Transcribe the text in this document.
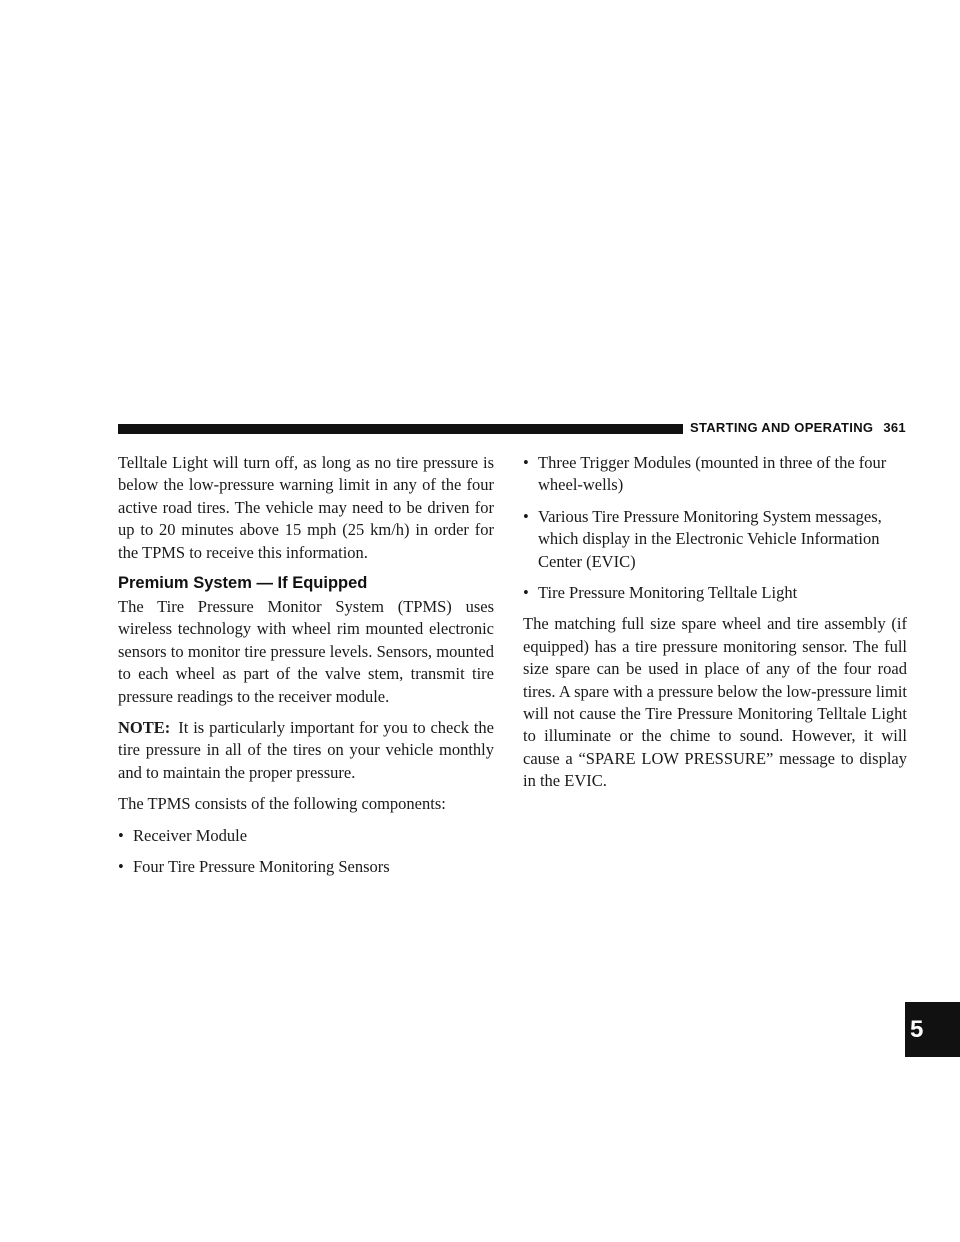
STARTING AND OPERATING 361

Telltale Light will turn off, as long as no tire pressure is below the low-pressure warning limit in any of the four active road tires. The vehicle may need to be driven for up to 20 minutes above 15 mph (25 km/h) in order for the TPMS to receive this information.

Premium System — If Equipped

The Tire Pressure Monitor System (TPMS) uses wireless technology with wheel rim mounted electronic sensors to monitor tire pressure levels. Sensors, mounted to each wheel as part of the valve stem, transmit tire pressure readings to the receiver module.

NOTE: It is particularly important for you to check the tire pressure in all of the tires on your vehicle monthly and to maintain the proper pressure.

The TPMS consists of the following components:

• Receiver Module
• Four Tire Pressure Monitoring Sensors
• Three Trigger Modules (mounted in three of the four wheel-wells)
• Various Tire Pressure Monitoring System messages, which display in the Electronic Vehicle Information Center (EVIC)
• Tire Pressure Monitoring Telltale Light

The matching full size spare wheel and tire assembly (if equipped) has a tire pressure monitoring sensor. The full size spare can be used in place of any of the four road tires. A spare with a pressure below the low-pressure limit will not cause the Tire Pressure Monitoring Telltale Light to illuminate or the chime to sound. However, it will cause a “SPARE LOW PRESSURE” message to display in the EVIC.

5
